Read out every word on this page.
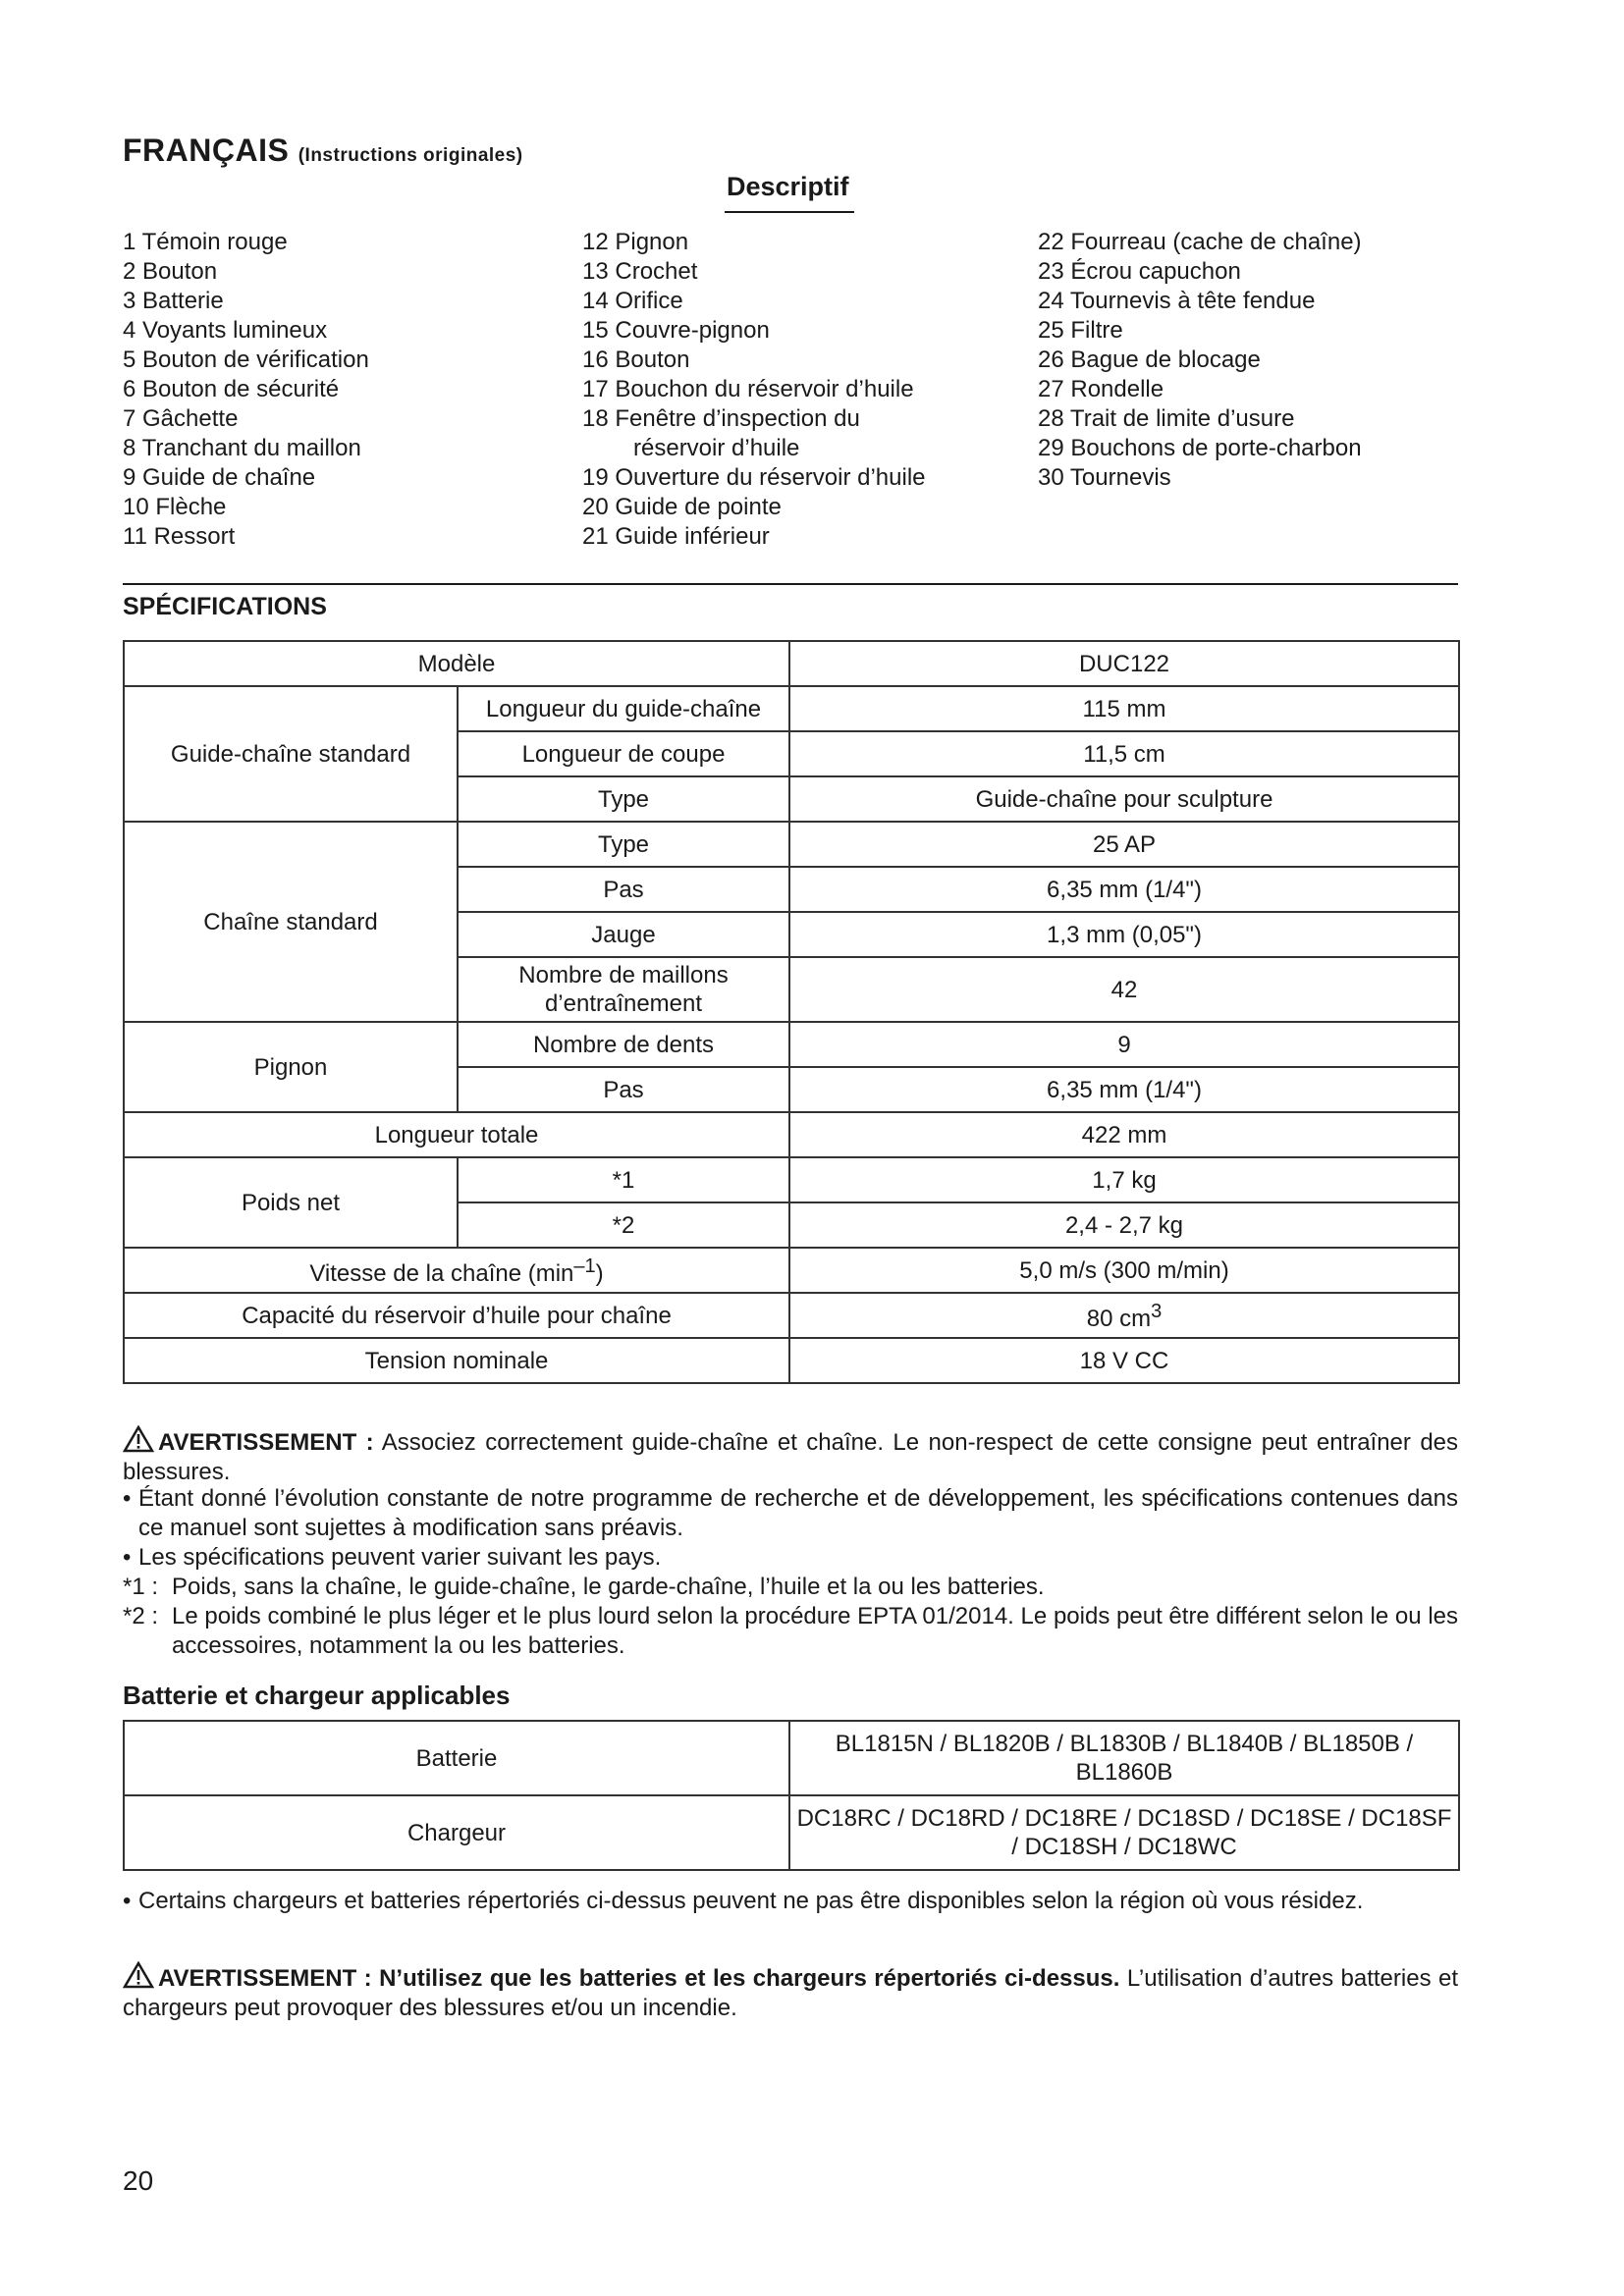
FRANÇAIS (Instructions originales)
Descriptif
1 Témoin rouge
2 Bouton
3 Batterie
4 Voyants lumineux
5 Bouton de vérification
6 Bouton de sécurité
7 Gâchette
8 Tranchant du maillon
9 Guide de chaîne
10 Flèche
11 Ressort
12 Pignon
13 Crochet
14 Orifice
15 Couvre-pignon
16 Bouton
17 Bouchon du réservoir d’huile
18 Fenêtre d’inspection du
réservoir d’huile
19 Ouverture du réservoir d’huile
20 Guide de pointe
21 Guide inférieur
22 Fourreau (cache de chaîne)
23 Écrou capuchon
24 Tournevis à tête fendue
25 Filtre
26 Bague de blocage
27 Rondelle
28 Trait de limite d’usure
29 Bouchons de porte-charbon
30 Tournevis
SPÉCIFICATIONS
Modèle		DUC122
Guide-chaîne standard	Longueur du guide-chaîne	115 mm
	Longueur de coupe	11,5 cm
	Type	Guide-chaîne pour sculpture
Chaîne standard	Type	25 AP
	Pas	6,35 mm (1/4")
	Jauge	1,3 mm (0,05")
	Nombre de maillons d’entraînement	42
Pignon	Nombre de dents	9
	Pas	6,35 mm (1/4")
Longueur totale		422 mm
Poids net	*1	1,7 kg
	*2	2,4 - 2,7 kg
Vitesse de la chaîne $(\min^{-1})$		5,0 m/s (300 m/min)
Capacité du réservoir d’huile pour chaîne		80 $cm^3$
Tension nominale		18 V CC
AVERTISSEMENT : Associez correctement guide-chaîne et chaîne. Le non-respect de cette consigne peut entraîner des blessures.
• Étant donné l’évolution constante de notre programme de recherche et de développement, les spécifications contenues dans ce manuel sont sujettes à modification sans préavis.
• Les spécifications peuvent varier suivant les pays.
*1 : Poids, sans la chaîne, le guide-chaîne, le garde-chaîne, l’huile et la ou les batteries.
*2 : Le poids combiné le plus léger et le plus lourd selon la procédure EPTA 01/2014. Le poids peut être différent selon le ou les accessoires, notamment la ou les batteries.
Batterie et chargeur applicables
Batterie	BL1815N / BL1820B / BL1830B / BL1840B / BL1850B / BL1860B
Chargeur	DC18RC / DC18RD / DC18RE / DC18SD / DC18SE / DC18SF / DC18SH / DC18WC
• Certains chargeurs et batteries répertoriés ci-dessus peuvent ne pas être disponibles selon la région où vous résidez.
AVERTISSEMENT : N’utilisez que les batteries et les chargeurs répertoriés ci-dessus. L’utilisation d’autres batteries et chargeurs peut provoquer des blessures et/ou un incendie.
20
